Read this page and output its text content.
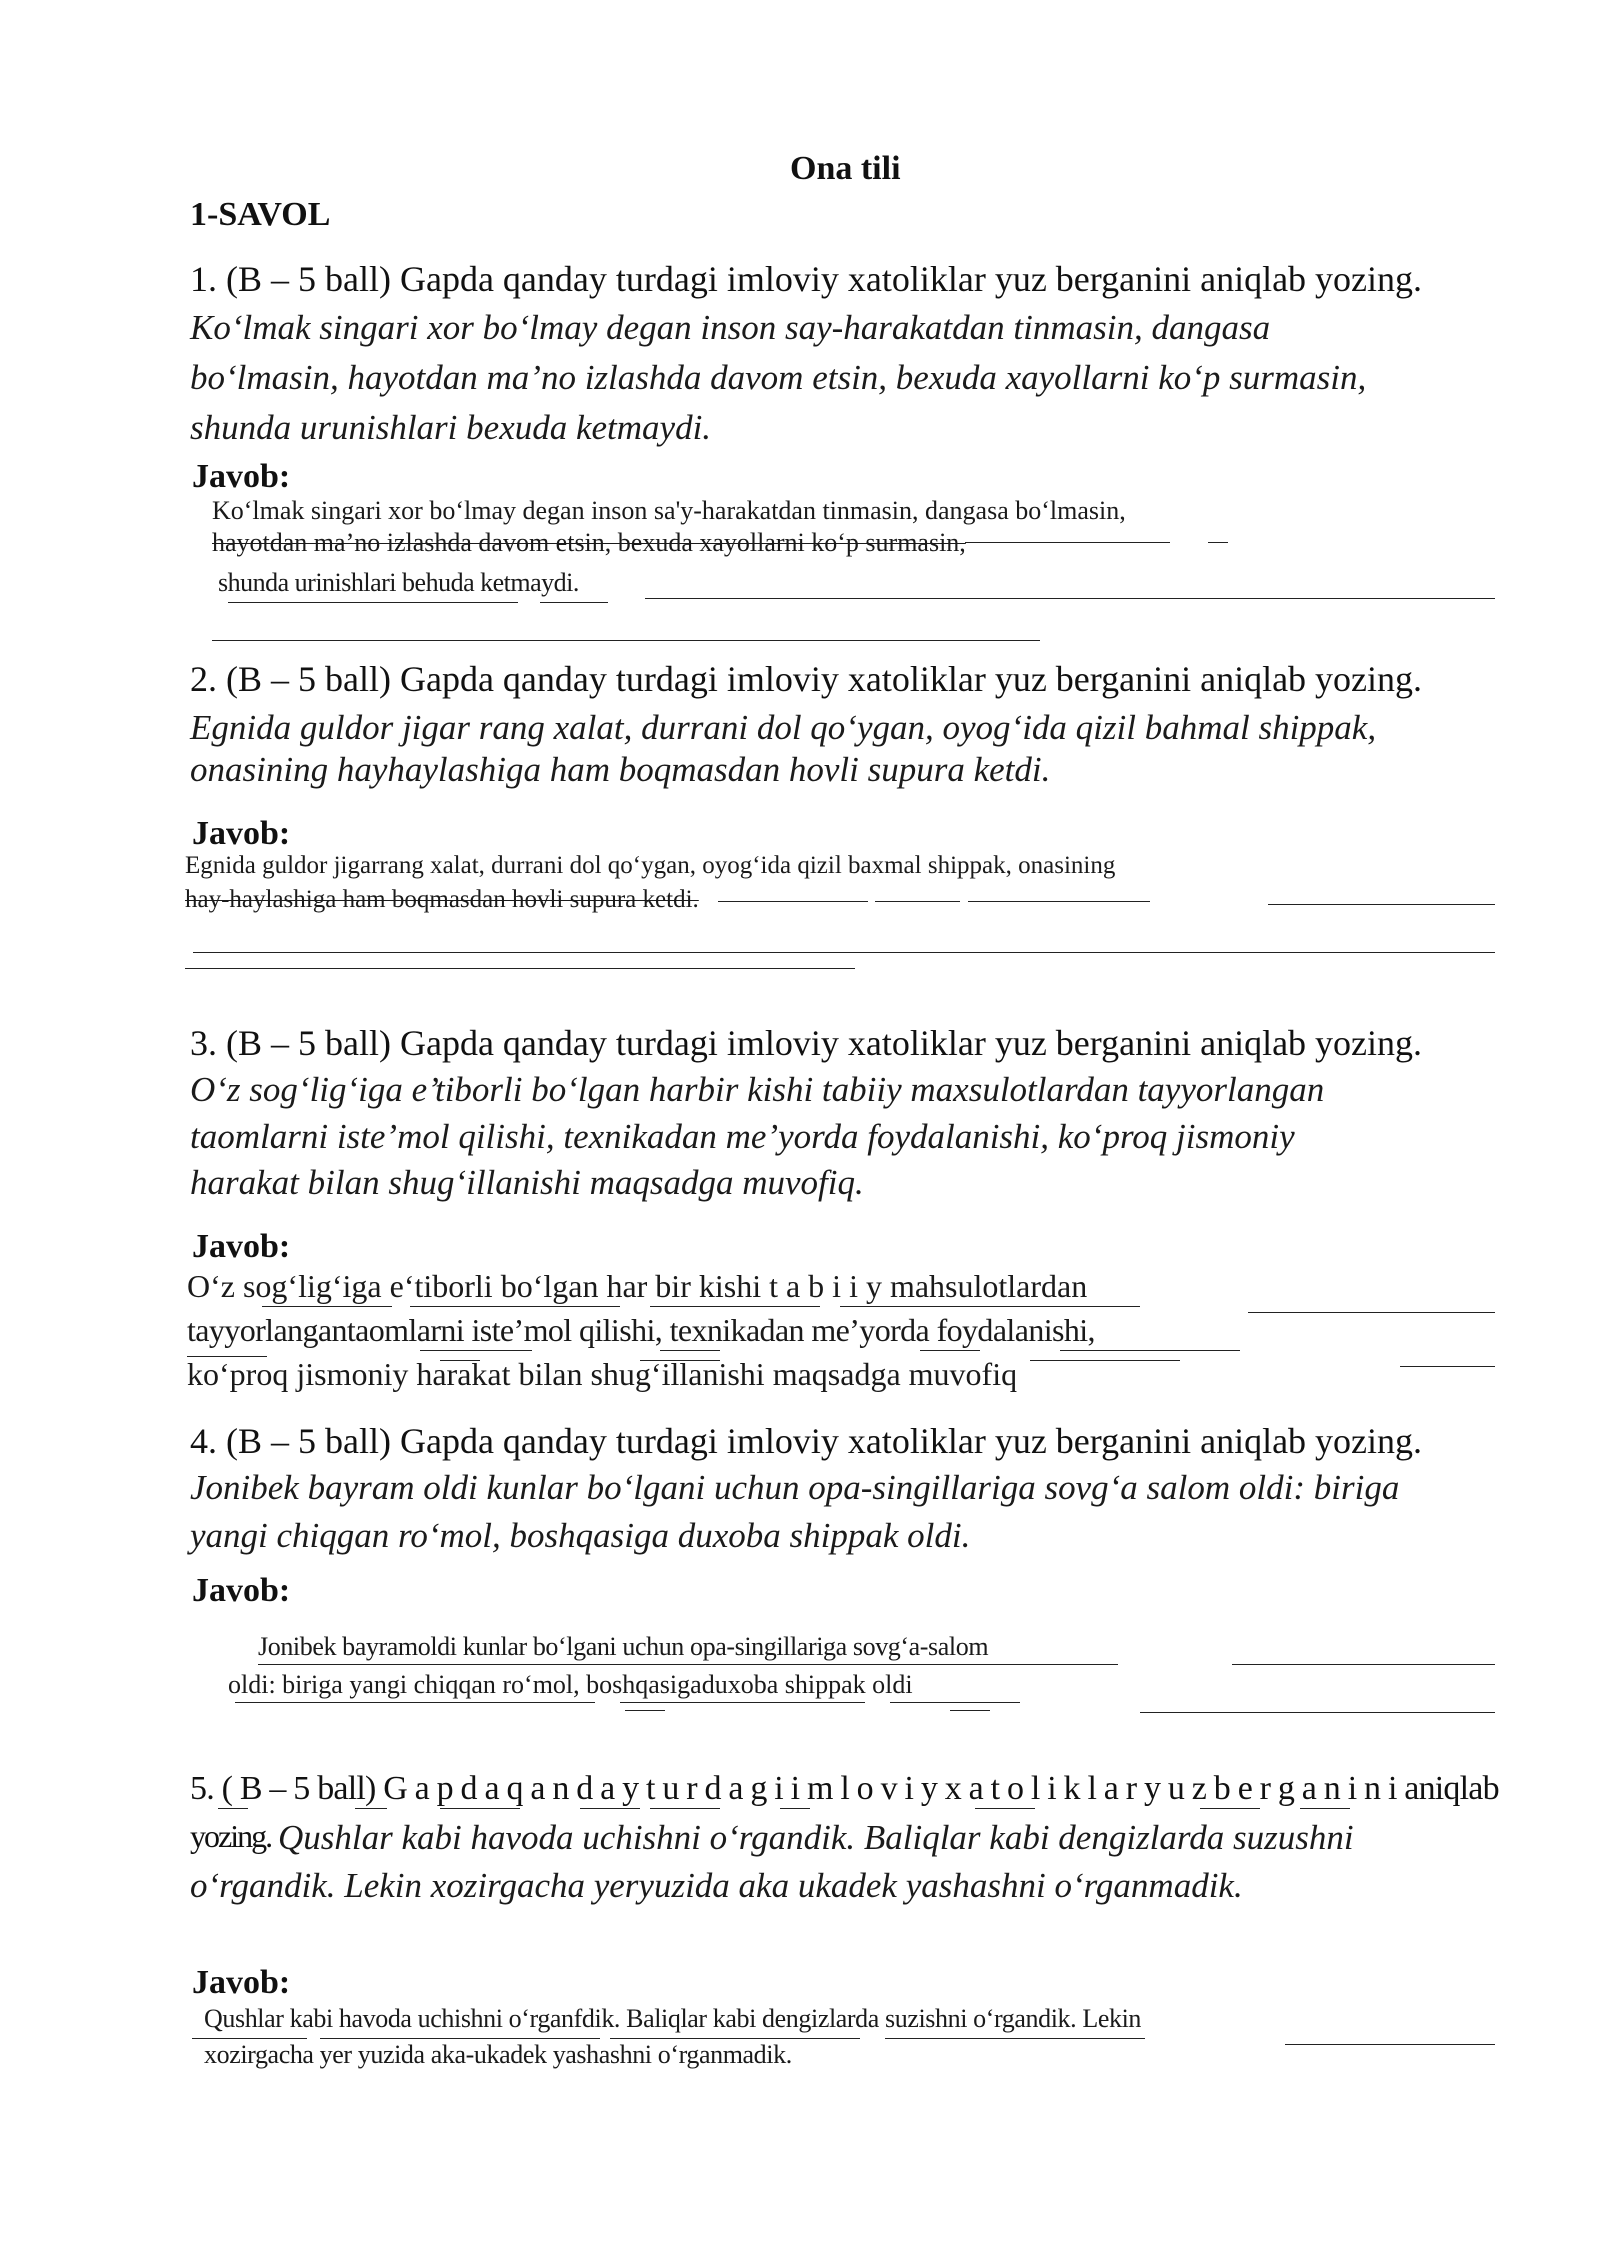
Ona tili
1-SAVOL
1. (B – 5 ball) Gapda qanday turdagi imloviy xatoliklar yuz berganini aniqlab yozing.
Ko‘lmak singari xor bo‘lmay degan inson say-harakatdan tinmasin, dangasa
bo‘lmasin, hayotdan ma’no izlashda davom etsin, bexuda xayollarni ko‘p surmasin,
shunda urunishlari bexuda ketmaydi.
Javob:
Ko‘lmak singari xor bo‘lmay degan inson sa'y-harakatdan tinmasin, dangasa bo‘lmasin,
hayotdan ma’no izlashda davom etsin, bexuda xayollarni ko‘p surmasin,
shunda urinishlari behuda ketmaydi.
2. (B – 5 ball) Gapda qanday turdagi imloviy xatoliklar yuz berganini aniqlab yozing.
Egnida guldor jigar rang xalat, durrani dol qo‘ygan, oyog‘ida qizil bahmal shippak,
onasining hayhaylashiga ham boqmasdan hovli supura ketdi.
Javob:
Egnida guldor jigarrang xalat, durrani dol qo‘ygan, oyog‘ida qizil baxmal shippak, onasining
hay-haylashiga ham boqmasdan hovli supura ketdi.
3. (B – 5 ball) Gapda qanday turdagi imloviy xatoliklar yuz berganini aniqlab yozing.
O‘z sog‘lig‘iga e’tiborli bo‘lgan harbir kishi tabiiy maxsulotlardan tayyorlangan
taomlarni iste’mol qilishi, texnikadan me’yorda foydalanishi, ko‘proq jismoniy
harakat bilan shug‘illanishi maqsadga muvofiq.
Javob:
O‘z sog‘lig‘iga e‘tiborli bo‘lgan har bir kishi t a b i i y mahsulotlardan
tayyorlangantaomlarni iste’mol qilishi, texnikadan me’yorda foydalanishi,
ko‘proq jismoniy harakat bilan shug‘illanishi maqsadga muvofiq
4. (B – 5 ball) Gapda qanday turdagi imloviy xatoliklar yuz berganini aniqlab yozing.
Jonibek bayram oldi kunlar bo‘lgani uchun opa-singillariga sovg‘a salom oldi: biriga
yangi chiqgan ro‘mol, boshqasiga duxoba shippak oldi.
Javob:
Jonibek bayramoldi kunlar bo‘lgani uchun opa-singillariga sovg‘a-salom
oldi: biriga yangi chiqqan ro‘mol, boshqasigaduxoba shippak oldi
5. ( B – 5 ball) G a p d a q a n d a y t u r d a g i i m l o v i y x a t o l i k l a r y u z b e r g a n i n i aniqlab
yozing. Qushlar kabi havoda uchishni o‘rgandik. Baliqlar kabi dengizlarda suzushni
o‘rgandik. Lekin xozirgacha yeryuzida aka ukadek yashashni o‘rganmadik.
Javob:
Qushlar kabi havoda uchishni o‘rganfdik. Baliqlar kabi dengizlarda suzishni o‘rgandik. Lekin
xozirgacha yer yuzida aka-ukadek yashashni o‘rganmadik.
